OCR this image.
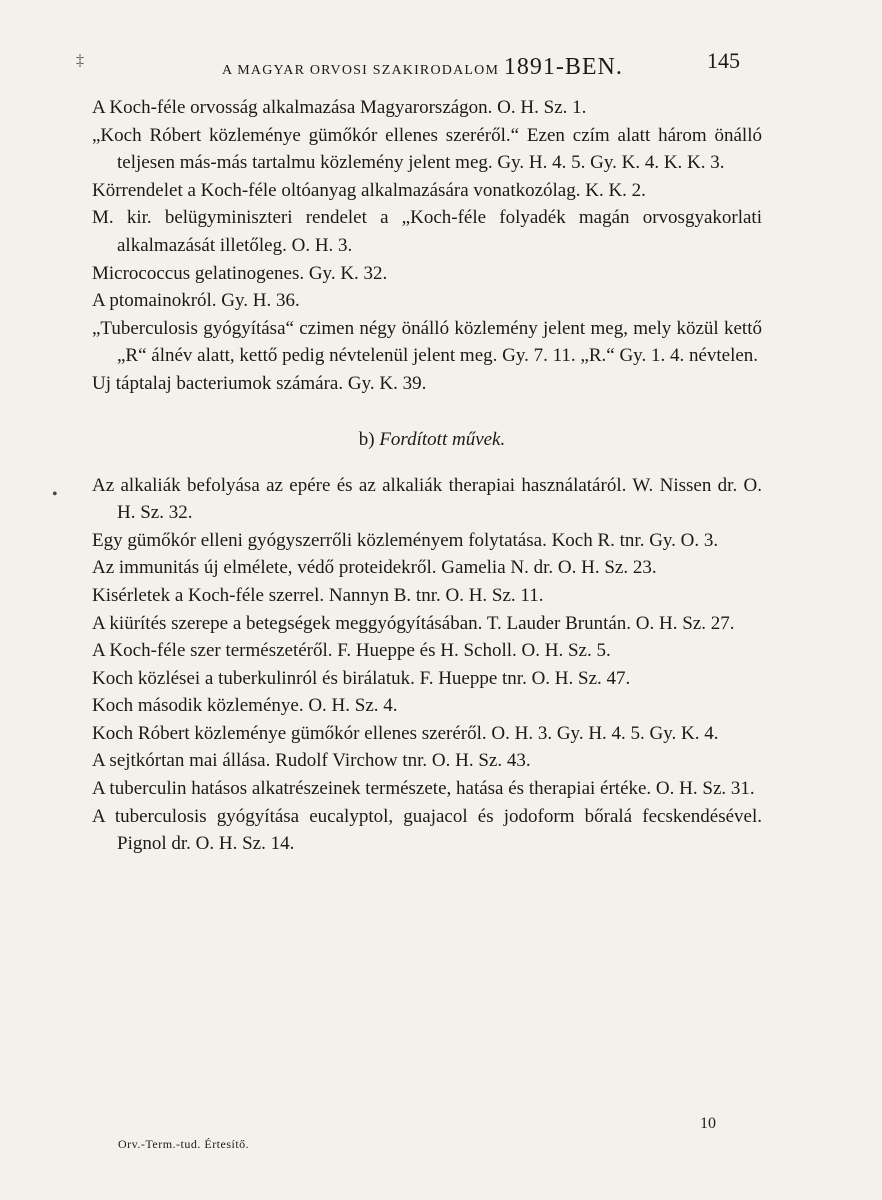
‡
A MAGYAR ORVOSI SZAKIRODALOM 1891-BEN.	145
•
A Koch-féle orvosság alkalmazása Magyarországon. O. H. Sz. 1.
„Koch Róbert közleménye gümőkór ellenes szeréről.“ Ezen czím alatt három önálló teljesen más-más tartalmu közlemény jelent meg. Gy. H. 4. 5. Gy. K. 4. K. K. 3.
Körrendelet a Koch-féle oltóanyag alkalmazására vonatkozólag. K. K. 2.
M. kir. belügyminiszteri rendelet a „Koch-féle folyadék magán orvosgyakorlati alkalmazását illetőleg. O. H. 3.
Micrococcus gelatinogenes. Gy. K. 32.
A ptomainokról. Gy. H. 36.
„Tuberculosis gyógyítása“ czimen négy önálló közlemény jelent meg, mely közül kettő „R“ álnév alatt, kettő pedig névtelenül jelent meg. Gy. 7. 11. „R.“ Gy. 1. 4. névtelen.
Uj táptalaj bacteriumok számára. Gy. K. 39.
b) Fordított művek.
Az alkaliák befolyása az epére és az alkaliák therapiai használatáról. W. Nissen dr. O. H. Sz. 32.
Egy gümőkór elleni gyógyszerrőli közleményem folytatása. Koch R. tnr. Gy. O. 3.
Az immunitás új elmélete, védő proteidekről. Gamelia N. dr. O. H. Sz. 23.
Kisérletek a Koch-féle szerrel. Nannyn B. tnr. O. H. Sz. 11.
A kiürítés szerepe a betegségek meggyógyításában. T. Lauder Bruntán. O. H. Sz. 27.
A Koch-féle szer természetéről. F. Hueppe és H. Scholl. O. H. Sz. 5.
Koch közlései a tuberkulinról és birálatuk. F. Hueppe tnr. O. H. Sz. 47.
Koch második közleménye. O. H. Sz. 4.
Koch Róbert közleménye gümőkór ellenes szeréről. O. H. 3. Gy. H. 4. 5. Gy. K. 4.
A sejtkórtan mai állása. Rudolf Virchow tnr. O. H. Sz. 43.
A tuberculin hatásos alkatrészeinek természete, hatása és therapiai értéke. O. H. Sz. 31.
A tuberculosis gyógyítása eucalyptol, guajacol és jodoform bőralá fecskendésével. Pignol dr. O. H. Sz. 14.
Orv.-Term.-tud. Értesítő.
10
